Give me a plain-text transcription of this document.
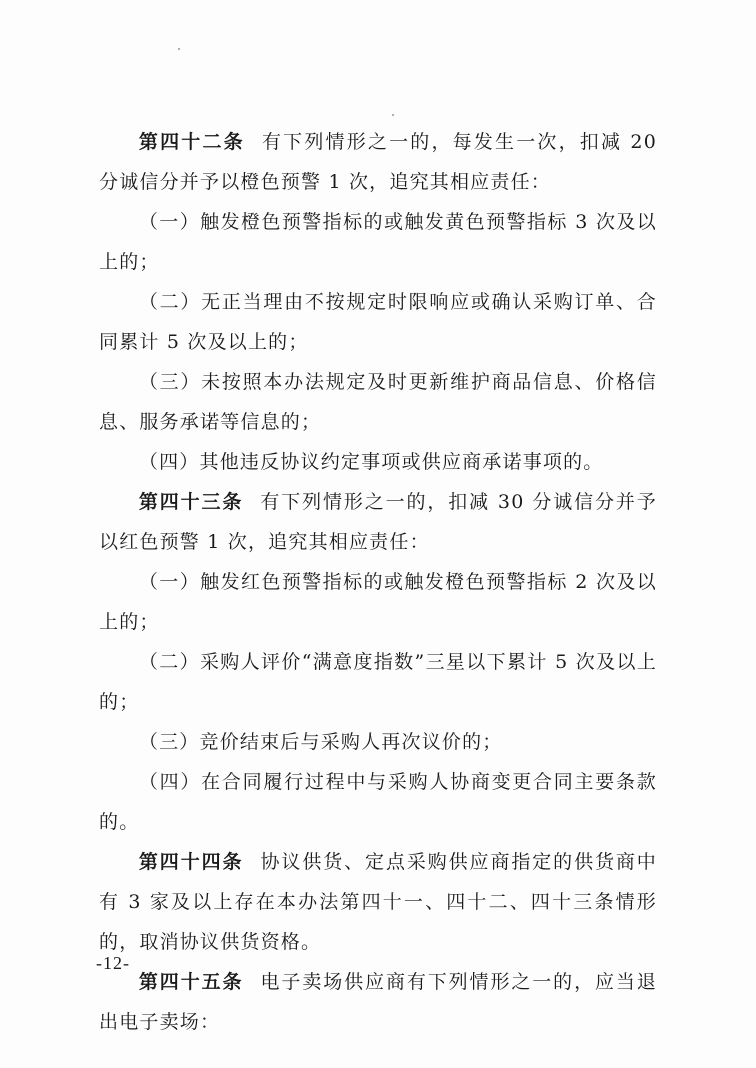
第四十二条 有下列情形之一的，每发生一次，扣减 20 分诚信分并予以橙色预警 1 次，追究其相应责任：

（一）触发橙色预警指标的或触发黄色预警指标 3 次及以上的；

（二）无正当理由不按规定时限响应或确认采购订单、合同累计 5 次及以上的；

（三）未按照本办法规定及时更新维护商品信息、价格信息、服务承诺等信息的；

（四）其他违反协议约定事项或供应商承诺事项的。

第四十三条 有下列情形之一的，扣减 30 分诚信分并予以红色预警 1 次，追究其相应责任：

（一）触发红色预警指标的或触发橙色预警指标 2 次及以上的；

（二）采购人评价“满意度指数”三星以下累计 5 次及以上的；

（三）竞价结束后与采购人再次议价的；

（四）在合同履行过程中与采购人协商变更合同主要条款的。

第四十四条 协议供货、定点采购供应商指定的供货商中有 3 家及以上存在本办法第四十一、四十二、四十三条情形的，取消协议供货资格。

第四十五条 电子卖场供应商有下列情形之一的，应当退出电子卖场：

-12-
